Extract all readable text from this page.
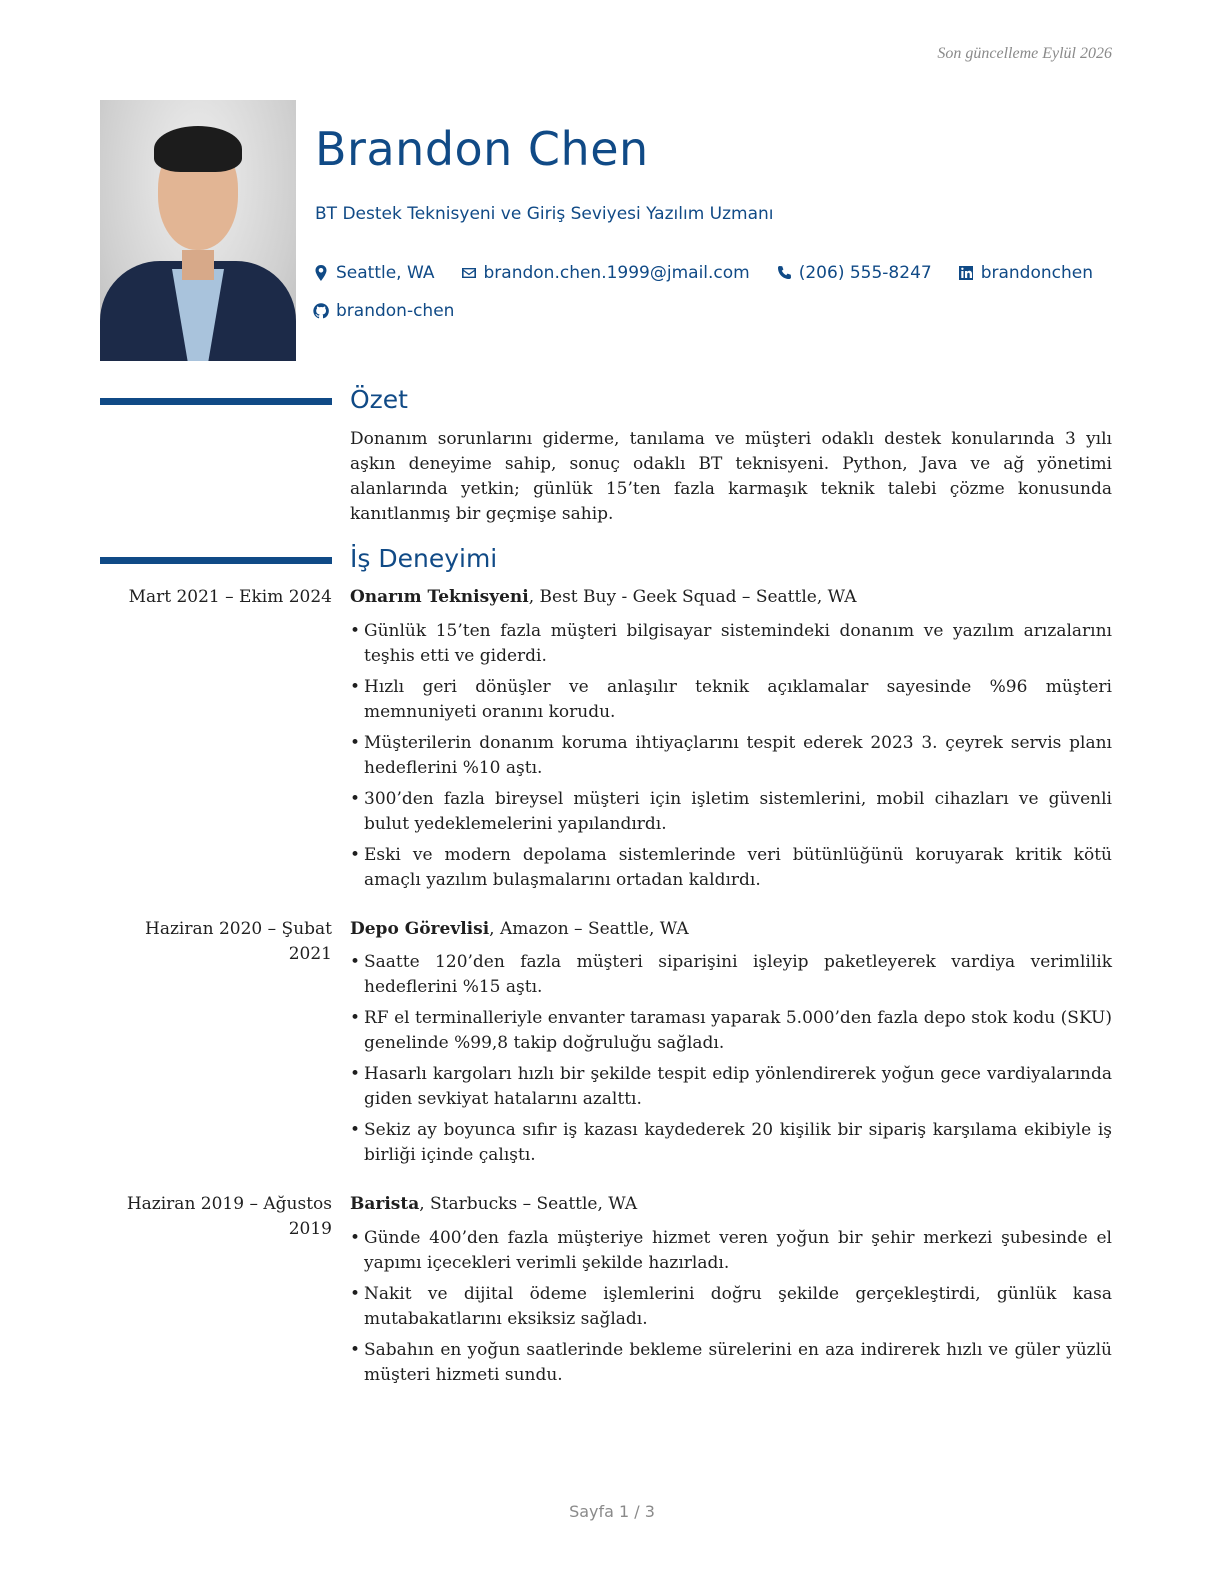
Son güncelleme Eylül 2026
Brandon Chen
BT Destek Teknisyeni ve Giriş Seviyesi Yazılım Uzmanı
Seattle, WA	brandon.chen.1999@jmail.com	(206) 555-8247	brandonchen
brandon-chen
Özet

Donanım sorunlarını giderme, tanılama ve müşteri odaklı destek konularında 3 yılı aşkın deneyime sahip, sonuç odaklı BT teknisyeni. Python, Java ve ağ yönetimi alanlarında yetkin; günlük 15’ten fazla karmaşık teknik talebi çözme konusunda kanıtlanmış bir geçmişe sahip.

İş Deneyimi
Mart 2021 – Ekim 2024 Onarım Teknisyeni, Best Buy - Geek Squad – Seattle, WA
• Günlük 15’ten fazla müşteri bilgisayar sistemindeki donanım ve yazılım arızalarını teşhis etti ve giderdi.
• Hızlı geri dönüşler ve anlaşılır teknik açıklamalar sayesinde %96 müşteri memnuniyeti oranını korudu.
• Müşterilerin donanım koruma ihtiyaçlarını tespit ederek 2023 3. çeyrek servis planı hedeflerini %10 aştı.
• 300’den fazla bireysel müşteri için işletim sistemlerini, mobil cihazları ve güvenli bulut yedeklemelerini yapılandırdı.
• Eski ve modern depolama sistemlerinde veri bütünlüğünü koruyarak kritik kötü amaçlı yazılım bulaşmalarını ortadan kaldırdı.
Haziran 2020 – Şubat 2021
Depo Görevlisi, Amazon – Seattle, WA
• Saatte 120’den fazla müşteri siparişini işleyip paketleyerek vardiya verimlilik hedeflerini %15 aştı.
• RF el terminalleriyle envanter taraması yaparak 5.000’den fazla depo stok kodu (SKU) genelinde %99,8 takip doğruluğu sağladı.
• Hasarlı kargoları hızlı bir şekilde tespit edip yönlendirerek yoğun gece vardiyalarında giden sevkiyat hatalarını azalttı.
• Sekiz ay boyunca sıfır iş kazası kaydederek 20 kişilik bir sipariş karşılama ekibiyle iş birliği içinde çalıştı.
Haziran 2019 – Ağustos 2019
Barista, Starbucks – Seattle, WA
• Günde 400’den fazla müşteriye hizmet veren yoğun bir şehir merkezi şubesinde el yapımı içecekleri verimli şekilde hazırladı.
• Nakit ve dijital ödeme işlemlerini doğru şekilde gerçekleştirdi, günlük kasa mutabakatlarını eksiksiz sağladı.
• Sabahın en yoğun saatlerinde bekleme sürelerini en aza indirerek hızlı ve güler yüzlü müşteri hizmeti sundu.
Sayfa 1 / 3
